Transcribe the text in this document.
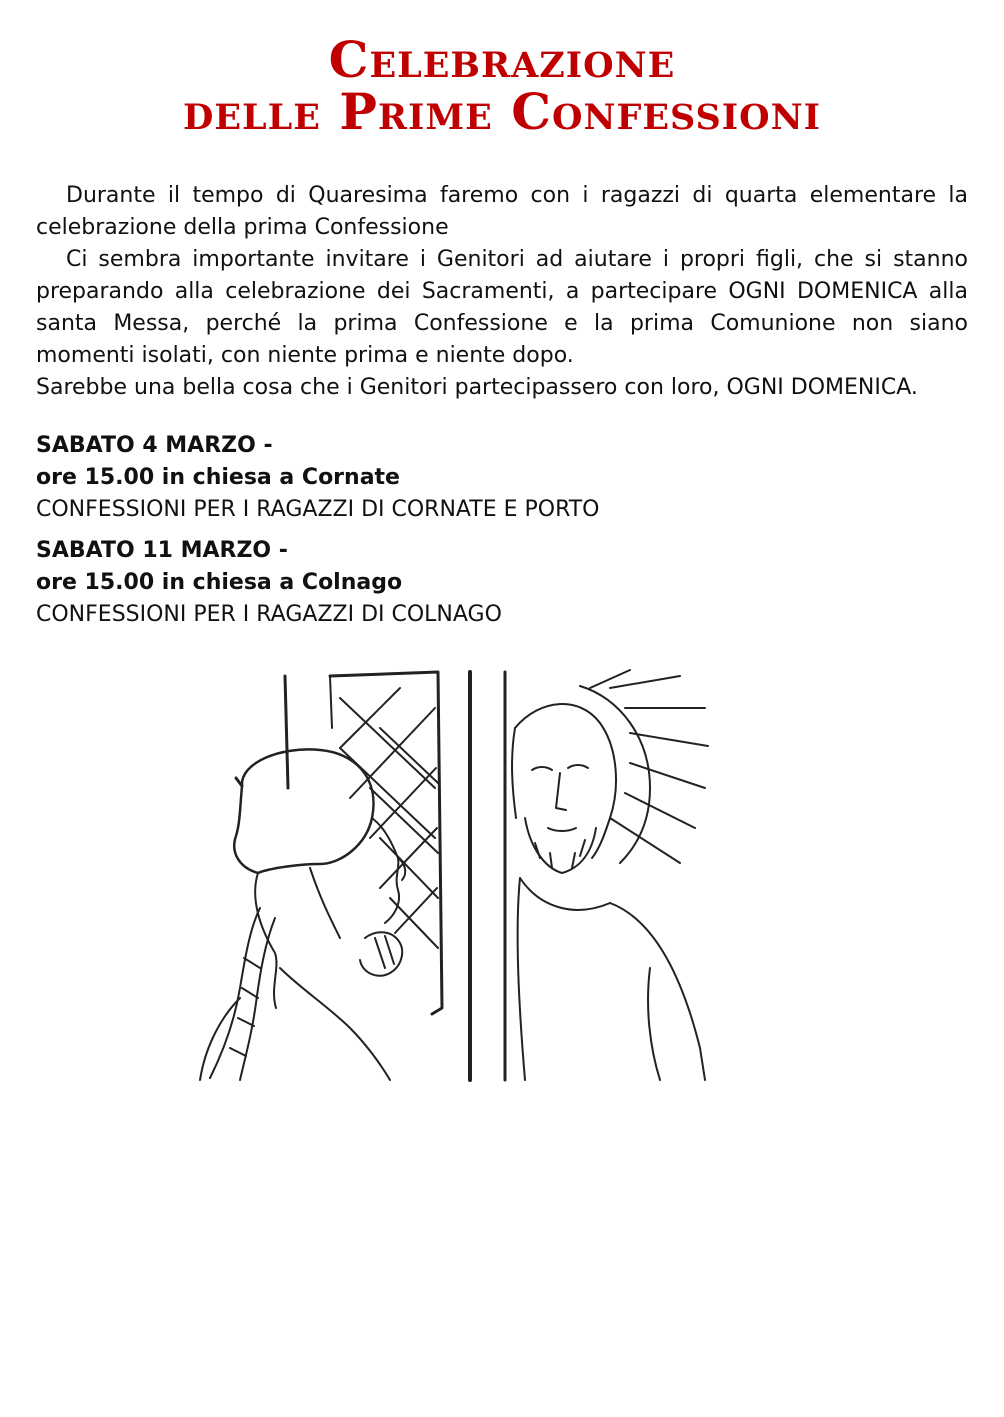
Celebrazione
delle Prime Confessioni

Durante il tempo di Quaresima faremo con i ragazzi di quarta elementare la celebrazione della prima Confessione

Ci sembra importante invitare i Genitori ad aiutare i propri figli, che si stanno preparando alla celebrazione dei Sacramenti, a partecipare OGNI DOMENICA alla santa Messa, perché la prima Confessione e la prima Comunione non siano momenti isolati, con niente prima e niente dopo.

Sarebbe una bella cosa che i Genitori partecipassero con loro, OGNI DOMENICA.

SABATO 4 MARZO -
ore 15.00 in chiesa a Cornate
CONFESSIONI PER I RAGAZZI DI CORNATE E PORTO
SABATO 11 MARZO -
ore 15.00 in chiesa a Colnago
CONFESSIONI PER I RAGAZZI DI COLNAGO
